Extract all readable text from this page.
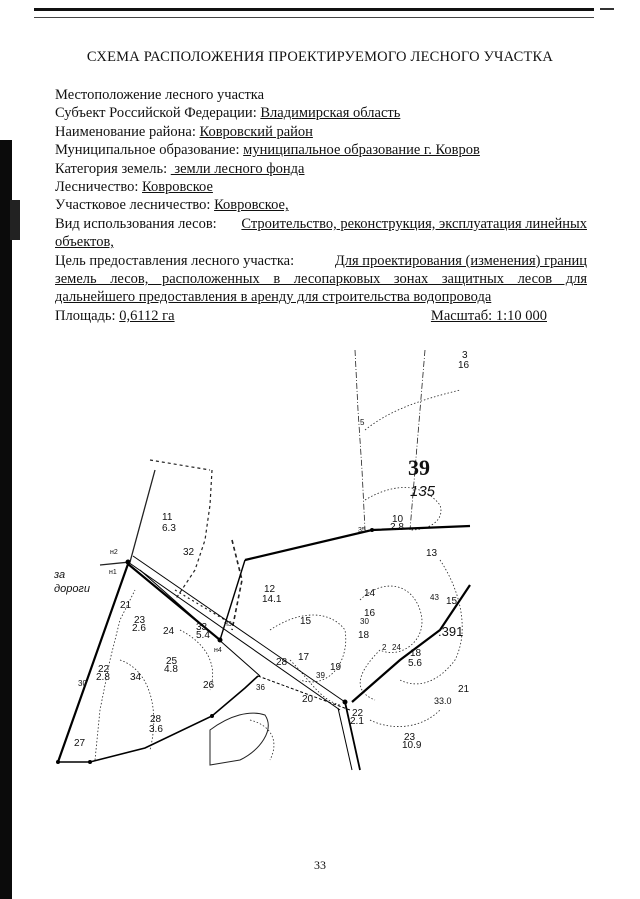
СХЕМА РАСПОЛОЖЕНИЯ ПРОЕКТИРУЕМОГО ЛЕСНОГО УЧАСТКА
Местоположение лесного участка
Субъект Российской Федерации: Владимирская область
Наименование района: Ковровский район
Муниципальное образование: муниципальное образование г. Ковров
Категория земель:  земли лесного фонда
Лесничество: Ковровское
Участковое лесничество: Ковровское,
Вид использования лесов: Строительство, реконструкция, эксплуатация линейных
объектов,
Цель предоставления лесного участка:	Для проектирования (изменения) границ
земель лесов, расположенных в лесопарковых зонах защитных лесов для
дальнейшего предоставления в аренду для строительства водопровода
Площадь: 0,6112 га	Масштаб: 1:10 000
н2
н1
н3
н4
3
16
5
11
6.3
32
35
10
2.8
13
12
14.1
14
16
30
18
15
15
43
18
5.6
21
23
2.6 24 33
5.4
25
4.8
17
19
28
39
22
2.8 34
30	26	36
20
22
2.1
21
33.0
23
10.9
28
3.6
27
2 24
39
135
за
дороги
:391
33
